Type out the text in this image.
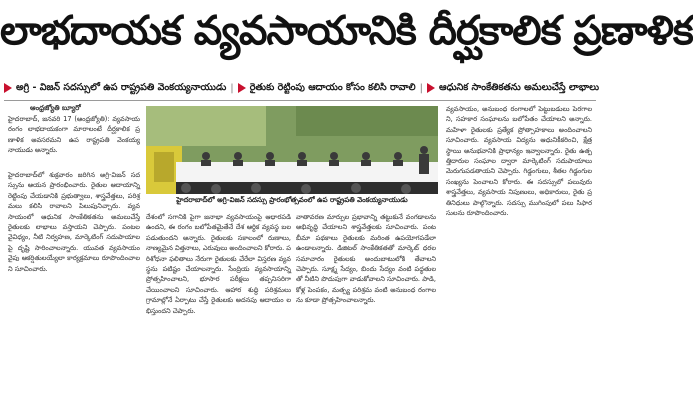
లాభదాయక వ్యవసాయానికి దీర్ఘకాలిక ప్రణాళిక
అగ్రి - విజన్ సదస్సులో ఉప రాష్ట్రపతి వెంకయ్యనాయుడు | రైతుకు రెట్టింపు ఆదాయం కోసం కలిసి రావాలి | ఆధునిక సాంకేతికతను అమలుచేస్తే లాభాలు
ఆంధ్రజ్యోతి బ్యూరో
హైదరాబాద్, జనవరి 17 (ఆంధ్రజ్యోతి): వ్యవసాయ రంగం లాభదాయకంగా మారాలంటే దీర్ఘకాలిక ప్రణాళిక అవసరమని ఉప రాష్ట్రపతి వెంకయ్యనాయుడు అన్నారు.
హైదరాబాద్‌లో శుక్రవారం జరిగిన అగ్రి-విజన్ సదస్సును ఆయన ప్రారంభించారు. రైతుల ఆదాయాన్ని రెట్టింపు చేయడానికి ప్రభుత్వాలు, శాస్త్రవేత్తలు, పరిశ్రమలు కలిసి రావాలని పిలుపునిచ్చారు. వ్యవసాయంలో ఆధునిక సాంకేతికతను అమలుచేస్తే రైతులకు లాభాలు వస్తాయని చెప్పారు. పంటల వైవిధ్యం, నీటి నిర్వహణ, మార్కెటింగ్ సదుపాయాలపై దృష్టి సారించాలన్నారు. యువత వ్యవసాయం వైపు ఆకర్షితులయ్యేలా కార్యక్రమాలు రూపొందించాలని సూచించారు.
హైదరాబాద్‌లో అగ్రి-విజన్ సదస్సు ప్రారంభోత్సవంలో ఉప రాష్ట్రపతి వెంకయ్యనాయుడు
దేశంలో సగానికి పైగా జనాభా వ్యవసాయంపై ఆధారపడి ఉందని, ఈ రంగం బలోపేతమైతేనే దేశ ఆర్థిక వ్యవస్థ బలపడుతుందని అన్నారు. రైతులకు సకాలంలో రుణాలు, నాణ్యమైన విత్తనాలు, ఎరువులు అందించాలని కోరారు. పరిశోధనా ఫలితాలు నేరుగా రైతులకు చేరేలా విస్తరణ వ్యవస్థను పటిష్టం చేయాలన్నారు. సేంద్రియ వ్యవసాయాన్ని ప్రోత్సహించాలని, భూసార పరీక్షలు తప్పనిసరిగా చేయించాలని సూచించారు. ఆహార శుద్ధి పరిశ్రమలు గ్రామాల్లోనే ఏర్పాటు చేస్తే రైతులకు అదనపు ఆదాయం లభిస్తుందని చెప్పారు.
వాతావరణ మార్పుల ప్రభావాన్ని తట్టుకునే వంగడాలను అభివృద్ధి చేయాలని శాస్త్రవేత్తలకు సూచించారు. పంట బీమా పథకాలు రైతులకు మరింత ఉపయోగపడేలా ఉండాలన్నారు. డిజిటల్ సాంకేతికతతో మార్కెట్ ధరల సమాచారం రైతులకు అందుబాటులోకి తేవాలని చెప్పారు. సూక్ష్మ సేద్యం, బిందు సేద్యం వంటి పద్ధతులతో నీటిని పొదుపుగా వాడుకోవాలని సూచించారు. పాడి, కోళ్ల పెంపకం, మత్స్య పరిశ్రమ వంటి అనుబంధ రంగాలను కూడా ప్రోత్సహించాలన్నారు.
వ్యవసాయం, అనుబంధ రంగాలలో పెట్టుబడులు పెరగాలని, సహకార సంఘాలను బలోపేతం చేయాలని అన్నారు. మహిళా రైతులకు ప్రత్యేక ప్రోత్సాహకాలు అందించాలని సూచించారు. వ్యవసాయ విద్యను ఆధునికీకరించి, క్షేత్రస్థాయి అనుభవానికి ప్రాధాన్యం ఇవ్వాలన్నారు. రైతు ఉత్పత్తిదారుల సంఘాల ద్వారా మార్కెటింగ్ సదుపాయాలు మెరుగుపడతాయని చెప్పారు. గిడ్డంగులు, శీతల గిడ్డంగుల సంఖ్యను పెంచాలని కోరారు. ఈ సదస్సులో పలువురు శాస్త్రవేత్తలు, వ్యవసాయ నిపుణులు, అధికారులు, రైతు ప్రతినిధులు పాల్గొన్నారు. సదస్సు ముగింపులో పలు సిఫారసులను రూపొందించారు.
